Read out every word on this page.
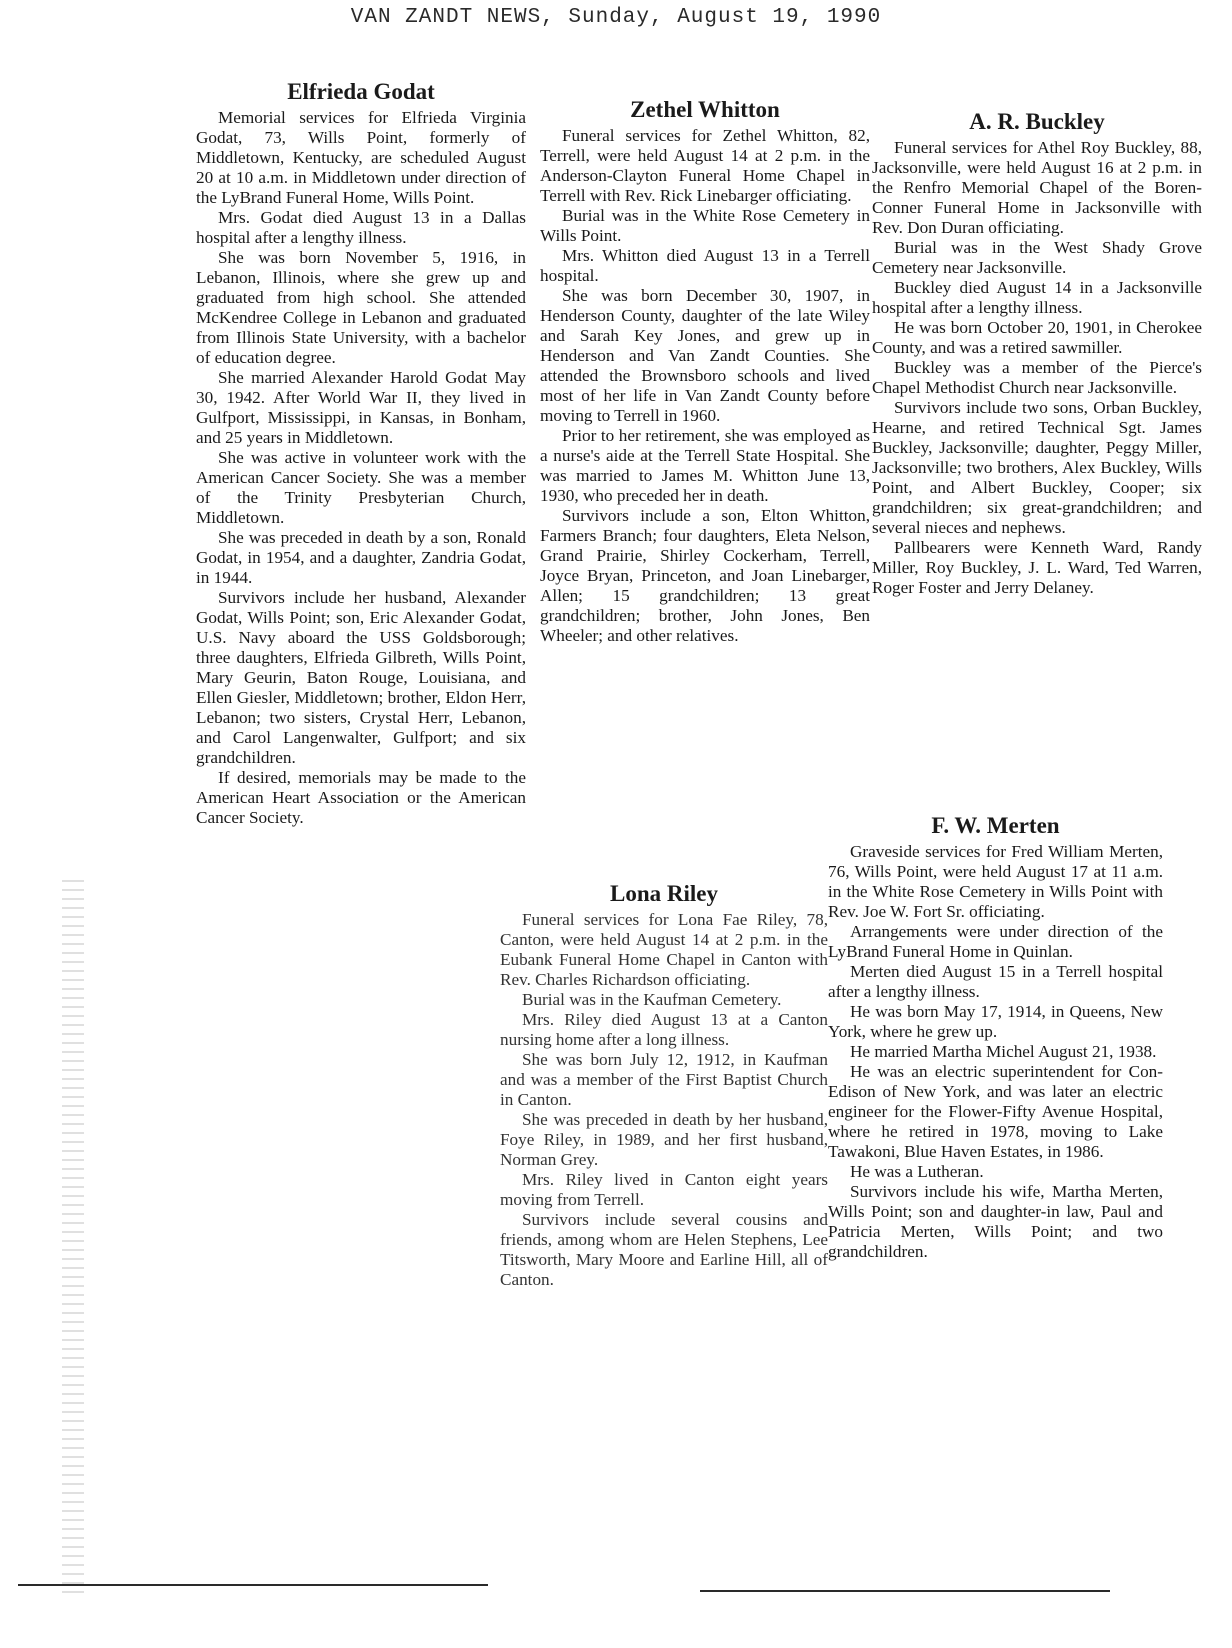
VAN ZANDT NEWS, Sunday, August 19, 1990
Elfrieda Godat

Memorial services for Elfrieda Virginia Godat, 73, Wills Point, formerly of Middletown, Kentucky, are scheduled August 20 at 10 a.m. in Middletown under direction of the LyBrand Funeral Home, Wills Point.

Mrs. Godat died August 13 in a Dallas hospital after a lengthy illness.

She was born November 5, 1916, in Lebanon, Illinois, where she grew up and graduated from high school. She attended McKendree College in Lebanon and graduated from Illinois State University, with a bachelor of education degree.

She married Alexander Harold Godat May 30, 1942. After World War II, they lived in Gulfport, Mississippi, in Kansas, in Bonham, and 25 years in Middletown.

She was active in volunteer work with the American Cancer Society. She was a member of the Trinity Presbyterian Church, Middletown.

She was preceded in death by a son, Ronald Godat, in 1954, and a daughter, Zandria Godat, in 1944.

Survivors include her husband, Alexander Godat, Wills Point; son, Eric Alexander Godat, U.S. Navy aboard the USS Goldsborough; three daughters, Elfrieda Gilbreth, Wills Point, Mary Geurin, Baton Rouge, Louisiana, and Ellen Giesler, Middletown; brother, Eldon Herr, Lebanon; two sisters, Crystal Herr, Lebanon, and Carol Langenwalter, Gulfport; and six grandchildren.

If desired, memorials may be made to the American Heart Association or the American Cancer Society.

Zethel Whitton

Funeral services for Zethel Whitton, 82, Terrell, were held August 14 at 2 p.m. in the Anderson-Clayton Funeral Home Chapel in Terrell with Rev. Rick Linebarger officiating.

Burial was in the White Rose Cemetery in Wills Point.

Mrs. Whitton died August 13 in a Terrell hospital.

She was born December 30, 1907, in Henderson County, daughter of the late Wiley and Sarah Key Jones, and grew up in Henderson and Van Zandt Counties. She attended the Brownsboro schools and lived most of her life in Van Zandt County before moving to Terrell in 1960.

Prior to her retirement, she was employed as a nurse's aide at the Terrell State Hospital. She was married to James M. Whitton June 13, 1930, who preceded her in death.

Survivors include a son, Elton Whitton, Farmers Branch; four daughters, Eleta Nelson, Grand Prairie, Shirley Cockerham, Terrell, Joyce Bryan, Princeton, and Joan Linebarger, Allen; 15 grandchildren; 13 great grandchildren; brother, John Jones, Ben Wheeler; and other relatives.

A. R. Buckley

Funeral services for Athel Roy Buckley, 88, Jacksonville, were held August 16 at 2 p.m. in the Renfro Memorial Chapel of the Boren-Conner Funeral Home in Jacksonville with Rev. Don Duran officiating.

Burial was in the West Shady Grove Cemetery near Jacksonville.

Buckley died August 14 in a Jacksonville hospital after a lengthy illness.

He was born October 20, 1901, in Cherokee County, and was a retired sawmiller.

Buckley was a member of the Pierce's Chapel Methodist Church near Jacksonville.

Survivors include two sons, Orban Buckley, Hearne, and retired Technical Sgt. James Buckley, Jacksonville; daughter, Peggy Miller, Jacksonville; two brothers, Alex Buckley, Wills Point, and Albert Buckley, Cooper; six grandchildren; six great-grandchildren; and several nieces and nephews.

Pallbearers were Kenneth Ward, Randy Miller, Roy Buckley, J. L. Ward, Ted Warren, Roger Foster and Jerry Delaney.

Lona Riley

Funeral services for Lona Fae Riley, 78, Canton, were held August 14 at 2 p.m. in the Eubank Funeral Home Chapel in Canton with Rev. Charles Richardson officiating.

Burial was in the Kaufman Cemetery.

Mrs. Riley died August 13 at a Canton nursing home after a long illness.

She was born July 12, 1912, in Kaufman and was a member of the First Baptist Church in Canton.

She was preceded in death by her husband, Foye Riley, in 1989, and her first husband, Norman Grey.

Mrs. Riley lived in Canton eight years moving from Terrell.

Survivors include several cousins and friends, among whom are Helen Stephens, Lee Titsworth, Mary Moore and Earline Hill, all of Canton.

F. W. Merten

Graveside services for Fred William Merten, 76, Wills Point, were held August 17 at 11 a.m. in the White Rose Cemetery in Wills Point with Rev. Joe W. Fort Sr. officiating.

Arrangements were under direction of the LyBrand Funeral Home in Quinlan.

Merten died August 15 in a Terrell hospital after a lengthy illness.

He was born May 17, 1914, in Queens, New York, where he grew up.

He married Martha Michel August 21, 1938.

He was an electric superintendent for Con-Edison of New York, and was later an electric engineer for the Flower-Fifty Avenue Hospital, where he retired in 1978, moving to Lake Tawakoni, Blue Haven Estates, in 1986.

He was a Lutheran.

Survivors include his wife, Martha Merten, Wills Point; son and daughter-in law, Paul and Patricia Merten, Wills Point; and two grandchildren.
